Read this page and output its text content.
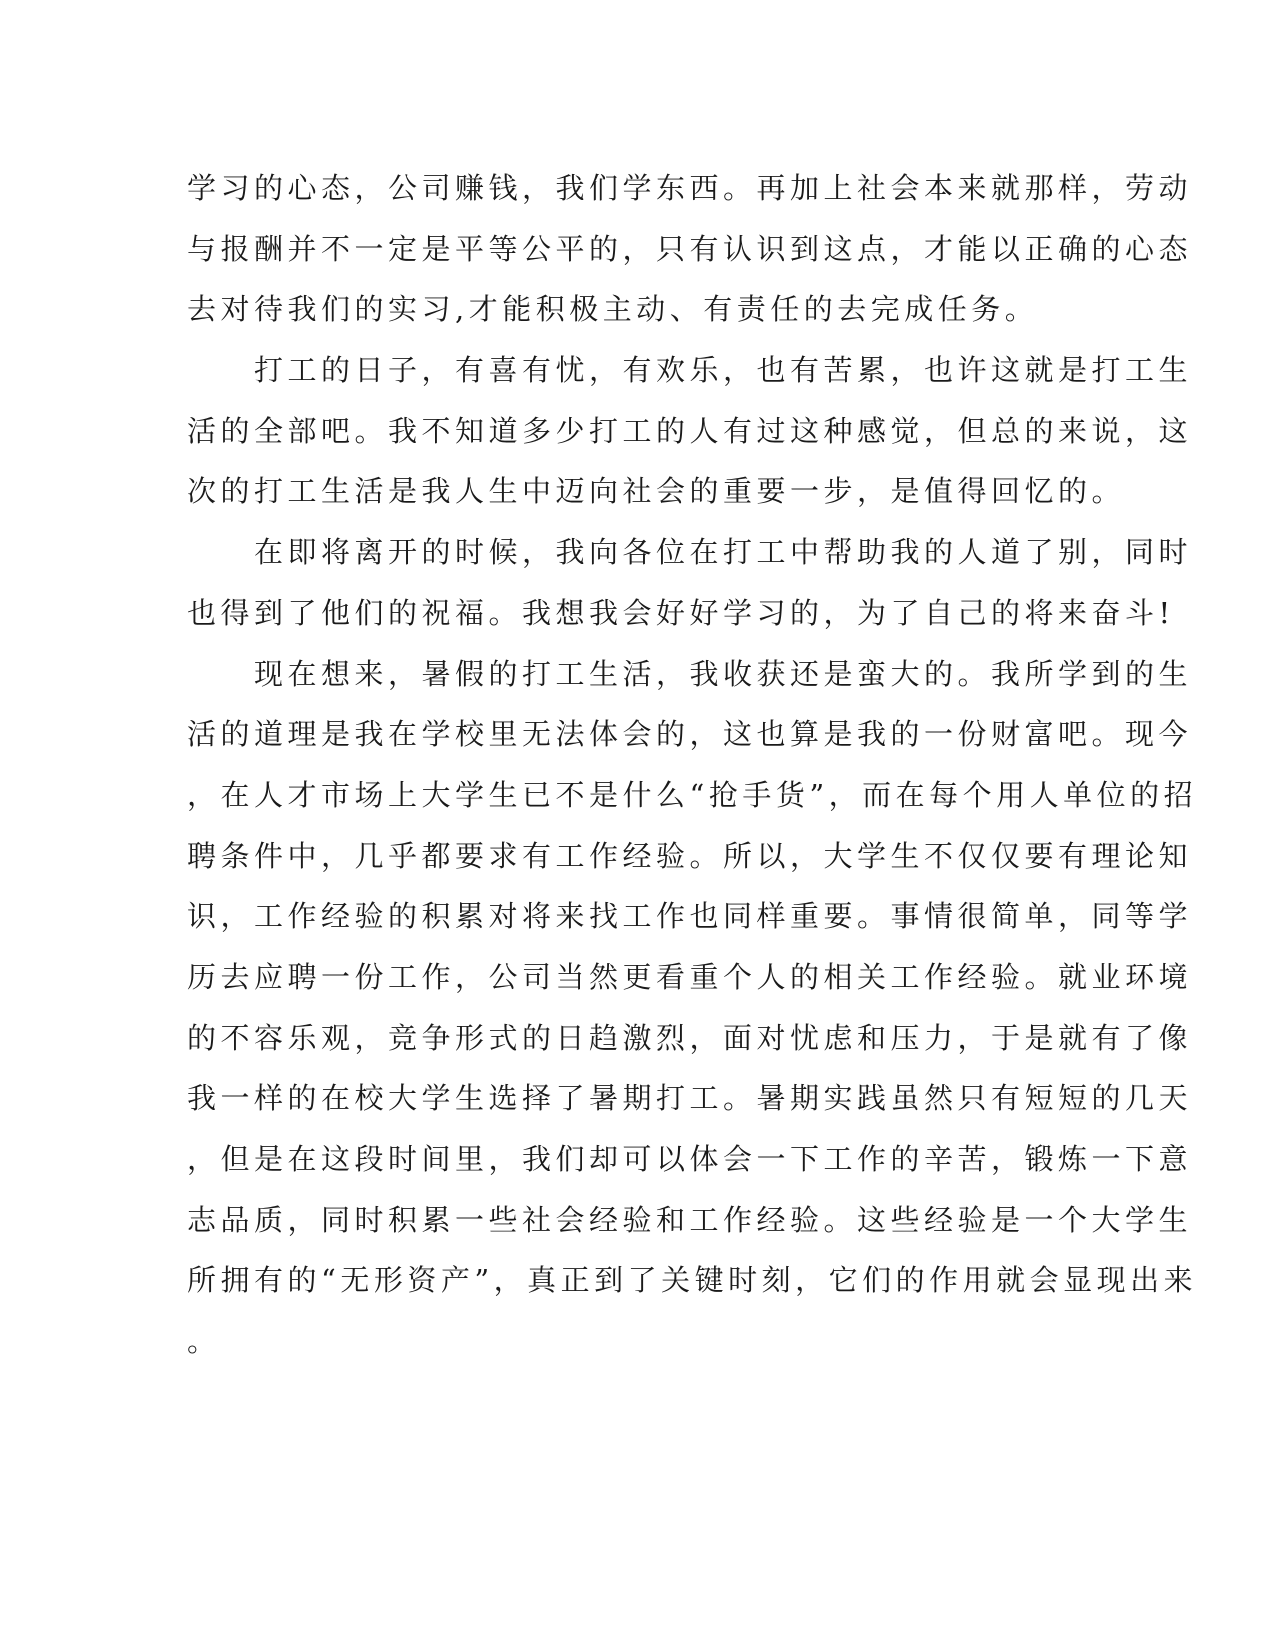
学习的心态，公司赚钱，我们学东西。再加上社会本来就那样，劳动
与报酬并不一定是平等公平的，只有认识到这点，才能以正确的心态
去对待我们的实习,才能积极主动、有责任的去完成任务。
　　打工的日子，有喜有忧，有欢乐，也有苦累，也许这就是打工生
活的全部吧。我不知道多少打工的人有过这种感觉，但总的来说，这
次的打工生活是我人生中迈向社会的重要一步，是值得回忆的。
　　在即将离开的时候，我向各位在打工中帮助我的人道了别，同时
也得到了他们的祝福。我想我会好好学习的，为了自己的将来奋斗!
　　现在想来，暑假的打工生活，我收获还是蛮大的。我所学到的生
活的道理是我在学校里无法体会的，这也算是我的一份财富吧。现今
，在人才市场上大学生已不是什么“抢手货”，而在每个用人单位的招
聘条件中，几乎都要求有工作经验。所以，大学生不仅仅要有理论知
识，工作经验的积累对将来找工作也同样重要。事情很简单，同等学
历去应聘一份工作，公司当然更看重个人的相关工作经验。就业环境
的不容乐观，竞争形式的日趋激烈，面对忧虑和压力，于是就有了像
我一样的在校大学生选择了暑期打工。暑期实践虽然只有短短的几天
，但是在这段时间里，我们却可以体会一下工作的辛苦，锻炼一下意
志品质，同时积累一些社会经验和工作经验。这些经验是一个大学生
所拥有的“无形资产”，真正到了关键时刻，它们的作用就会显现出来
。
